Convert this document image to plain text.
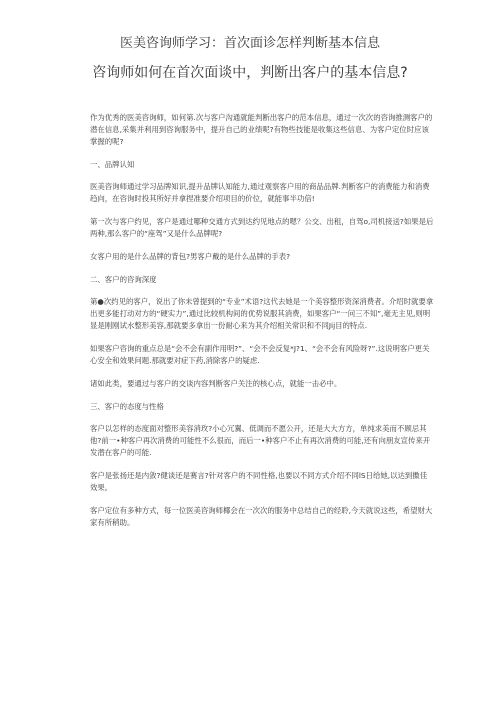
医美咨询师学习：首次面诊怎样判断基本信息
咨询师如何在首次面谈中，判断出客户的基本信息?

作为优秀的医美咨询师，如何第.次与客户沟通就能判断出客户的范本信息，通过一次次的咨询推测客户的潜在信息,采集并利用到咨询服务中，提升自己的业绩呢?有物些技能是收集这些信息、为客户定位时应该掌握的呢?

一、品牌认知

医美咨询师通过学习品牌知识,提升品牌认知能力,通过观察客户用的商品品牌.判断客户的消费能力和消费趋向，在咨询时投其所好并拿捏准要介绍项目的价位，就能事半功倍!

第一次与客户约见，客户是通过哪种交通方式到达约见地点的嗯？公交、出租，自驾o,司机接送?如果是后两种,那么客户的“座驾”又是什么品牌呢?

女客户用的是什么品牌的背包?男客户戴的是什么品牌的手表?

二、客户的咨询深度

第●次约见的客户，说出了你未曾提到的“专业”术语?这代去她是一个美容整形资深消费者。介绍时就要拿出更多能打动对方的“硬实力”,通过比较机构间的优势说服其消费，如果客户“一问三不知”,毫无主见,则明显是刚刚试水整形美容,那就要多拿出一份耐心来为其介绍相关常识和不同Jij目的特点.

如果客户咨询的重点总是“会不会有副作用明?”、“会不会反复*J?1、“会不会有风险呀?”.这说明客户更关心安全和效果问题.那就要对症下药,消除客户的疑虑.

诸如此类，要通过与客户的交谈内容判断客户关注的核心点，就能一击必中。

三、客户的态度与性格

客户以怎样的态度面对整形美容消玫?小心冗翼、低调而不愿公开，还是大大方方，单纯求美而不顾忌其他?前一•种客户再次消费的可能性不么很而，而后一•种客户不止有再次消费的可能,还有向朋友宣传来开发潜在客户的可能.

客户是张扬还是内敛?健谈还是赛言?针对客户的不同性格,也要以不同方式介绍不同lS日给她,以达到擞佳效果。

客户定位有多种方式，每一位医美咨询师椰会在一次次的服务中总结自己的经聆,今天就说这些，希望财大家有所稍助。
